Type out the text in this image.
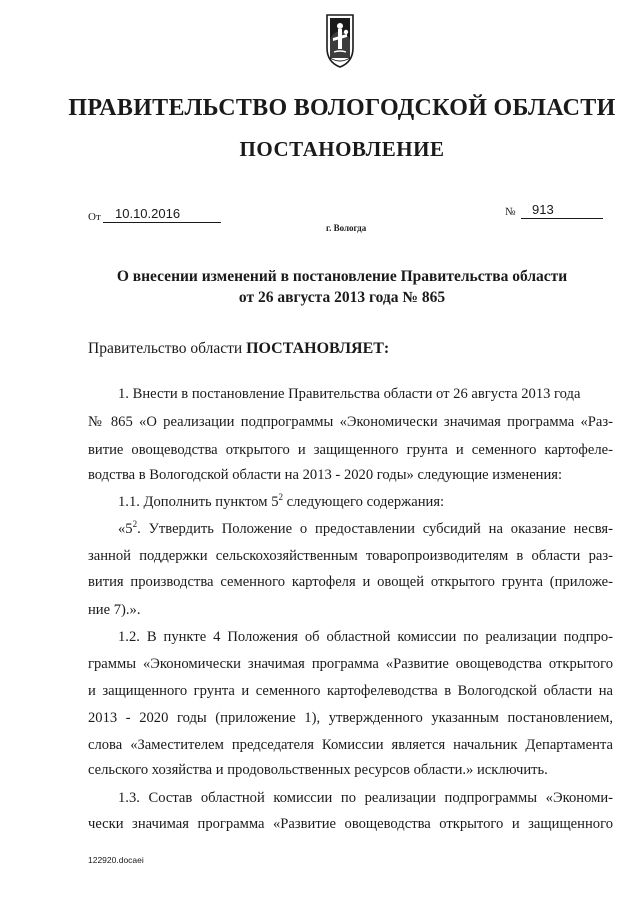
ПРАВИТЕЛЬСТВО ВОЛОГОДСКОЙ ОБЛАСТИ
ПОСТАНОВЛЕНИЕ
От	10.10.2016	№	913
г. Вологда
О внесении изменений в постановление Правительства области
от 26 августа 2013 года № 865
Правительство области ПОСТАНОВЛЯЕТ:
1. Внести в постановление Правительства области от 26 августа 2013 года
№ 865 «О реализации подпрограммы «Экономически значимая программа «Раз-
витие овощеводства открытого и защищенного грунта и семенного картофеле-
водства в Вологодской области на 2013 - 2020 годы» следующие изменения:
1.1. Дополнить пунктом $5^2$ следующего содержания:
«$5^2$. Утвердить Положение о предоставлении субсидий на оказание несвя-
занной поддержки сельскохозяйственным товаропроизводителям в области раз-
вития производства семенного картофеля и овощей открытого грунта (приложе-
ние 7).».
1.2. В пункте 4 Положения об областной комиссии по реализации подпро-
граммы «Экономически значимая программа «Развитие овощеводства открытого
и защищенного грунта и семенного картофелеводства в Вологодской области на
2013 - 2020 годы (приложение 1), утвержденного указанным постановлением,
слова «Заместителем председателя Комиссии является начальник Департамента
сельского хозяйства и продовольственных ресурсов области.» исключить.
1.3. Состав областной комиссии по реализации подпрограммы «Экономи-
чески значимая программа «Развитие овощеводства открытого и защищенного
122920.docaei
